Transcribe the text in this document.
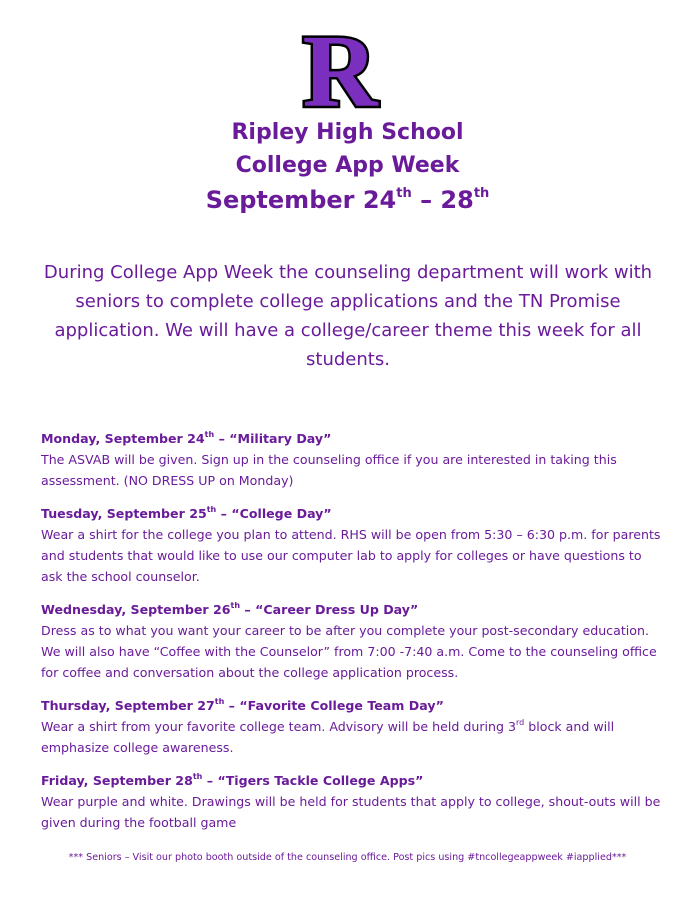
R
Ripley High School
College App Week
September 24th – 28th
During College App Week the counseling department will work with seniors to complete college applications and the TN Promise application. We will have a college/career theme this week for all students.
Monday, September 24th – “Military Day”
The ASVAB will be given. Sign up in the counseling office if you are interested in taking this assessment. (NO DRESS UP on Monday)
Tuesday, September 25th – “College Day”
Wear a shirt for the college you plan to attend. RHS will be open from 5:30 – 6:30 p.m. for parents and students that would like to use our computer lab to apply for colleges or have questions to ask the school counselor.
Wednesday, September 26th – “Career Dress Up Day”
Dress as to what you want your career to be after you complete your post-secondary education. We will also have “Coffee with the Counselor” from 7:00 -7:40 a.m. Come to the counseling office for coffee and conversation about the college application process.
Thursday, September 27th – “Favorite College Team Day”
Wear a shirt from your favorite college team. Advisory will be held during 3rd block and will emphasize college awareness.
Friday, September 28th – “Tigers Tackle College Apps”
Wear purple and white. Drawings will be held for students that apply to college, shout-outs will be given during the football game
*** Seniors – Visit our photo booth outside of the counseling office. Post pics using #tncollegeappweek #iapplied***
